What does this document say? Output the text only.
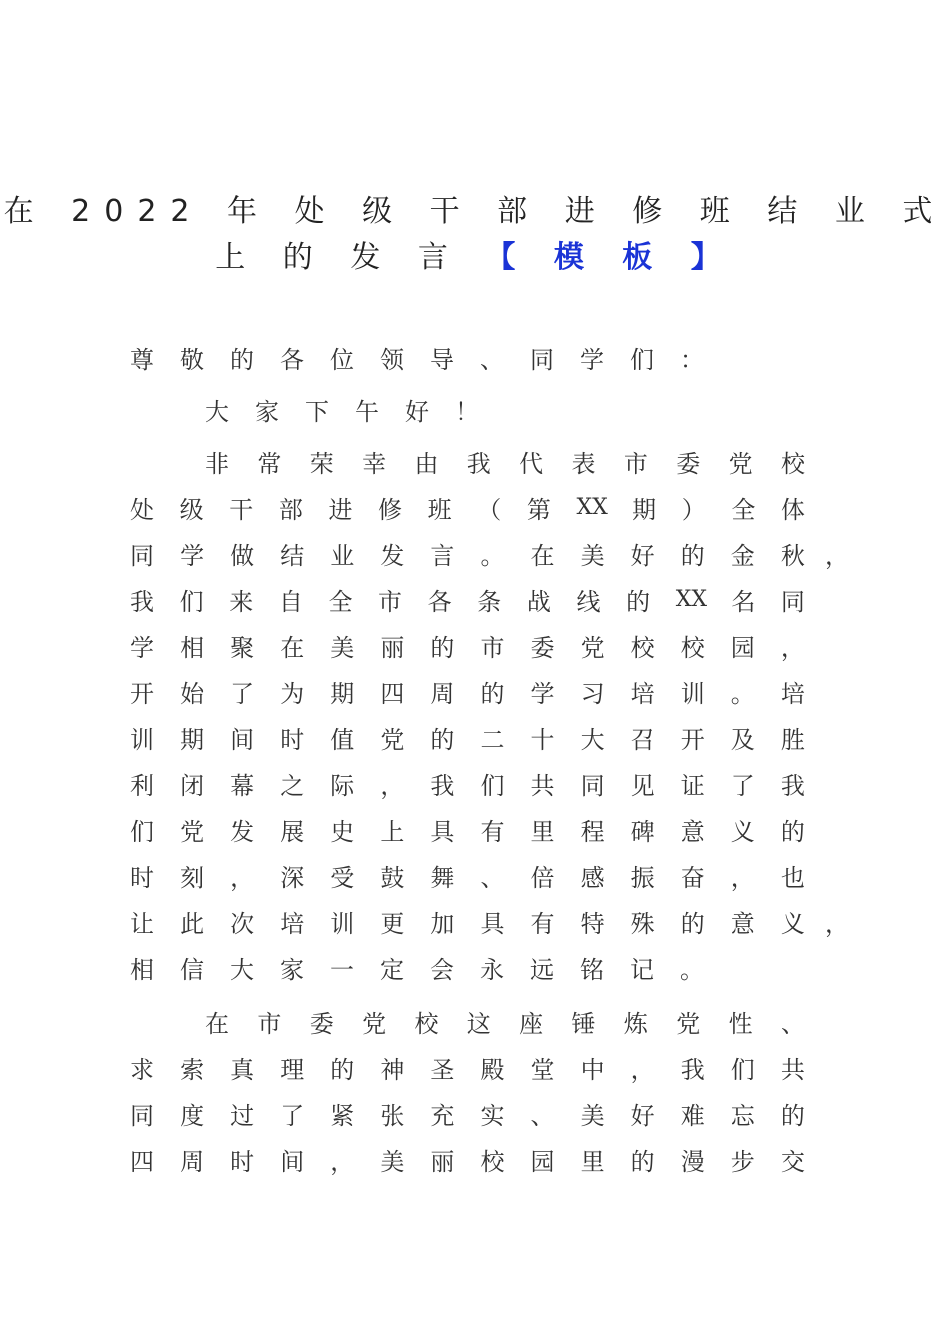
在 2022 年 处 级 干 部 进 修 班 结 业 式
上 的 发 言 【 模 板 】
尊 敬 的 各 位 领 导 、 同 学 们 ：
大 家 下 午 好 ！
非 常 荣 幸 由 我 代 表 市 委 党 校
处 级 干 部 进 修 班 （ 第 XX 期 ） 全 体
同 学 做 结 业 发 言 。 在 美 好 的 金 秋 ，
我 们 来 自 全 市 各 条 战 线 的 XX 名 同
学 相 聚 在 美 丽 的 市 委 党 校 校 园 ，
开 始 了 为 期 四 周 的 学 习 培 训 。 培
训 期 间 时 值 党 的 二 十 大 召 开 及 胜
利 闭 幕 之 际 ， 我 们 共 同 见 证 了 我
们 党 发 展 史 上 具 有 里 程 碑 意 义 的
时 刻 ， 深 受 鼓 舞 、 倍 感 振 奋 ， 也
让 此 次 培 训 更 加 具 有 特 殊 的 意 义 ，
相 信 大 家 一 定 会 永 远 铭 记 。
在 市 委 党 校 这 座 锤 炼 党 性 、
求 索 真 理 的 神 圣 殿 堂 中 ， 我 们 共
同 度 过 了 紧 张 充 实 、 美 好 难 忘 的
四 周 时 间 ， 美 丽 校 园 里 的 漫 步 交
